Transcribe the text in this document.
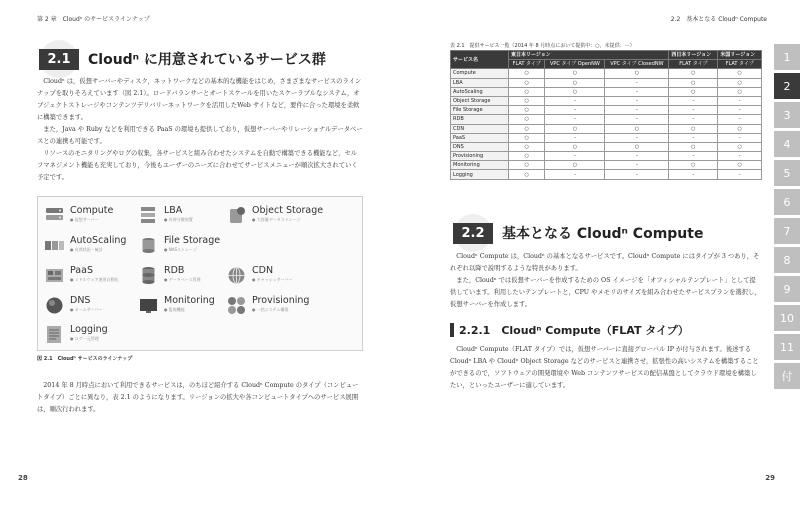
第 2 章　Cloudⁿ のサービスラインナップ
2.1	Cloudⁿ に用意されているサービス群

Cloudⁿ は，仮想サーバーやディスク，ネットワークなどの基本的な機能をはじめ，さまざまなサービスのラインナップを取りそろえています（図 2.1）。ロードバランサーとオートスケールを用いたスケーラブルなシステム，オブジェクトストレージやコンテンツデリバリーネットワークを活用したWeb サイトなど，要件に合った環境を柔軟に構築できます。

また，Java や Ruby などを利用できる PaaS の環境も提供しており，仮想サーバーやリレーショナルデータベースとの連携も可能です。

リソースのモニタリングやログの収集，各サービスと組み合わせたシステムを自動で構築できる機能など，セルフマネジメント機能も充実しており，今後もユーザーのニーズに合わせてサービスメニューが順次拡大されていく予定です。

Compute
● 仮想サーバー
LBA
● 負荷分散装置
Object Storage
● 大容量データストレージ
AutoScaling
● 負荷状況・統計
File Storage
● NASストレージ
PaaS
● ミドルウェア運用自動化
RDB
● データベース管理
CDN
● キャッシュサーバー
DNS
● ネームサーバー
Monitoring
● 監視機能
Provisioning
● 一括システム構築
Logging
● ログ一元管理
図 2.1　Cloudⁿ サービスのラインナップ

2014 年 8 月時点において利用できるサービスは，のちほど紹介する Cloudⁿ Compute のタイプ（コンピュートタイプ）ごとに異なり，表 2.1 のようになります。リージョンの拡大や各コンピュートタイプへのサービス展開は，順次行われます。

28
2.2　基本となる Cloudⁿ Compute
表 2.1　提供サービス一覧（2014 年 8 月時点において提供中：○，未提供：－）
サービス名	東日本リージョン			西日本リージョン	米国リージョン
	FLAT タイプ	VPC タイプ OpenNW	VPC タイプ ClosedNW	FLAT タイプ	FLAT タイプ
Compute	○	○	○	○	○
LBA	○	○	-	○	○
AutoScaling	○	○	-	○	○
Object Storage	○	-	-	-	-
File Storage	○	-	-	-	-
RDB	○	-	-	-	-
CDN	○	○	○	○	○
PaaS	○	-	-	-	-
DNS	○	○	○	○	○
Provisioning	○	-	-	-	-
Monitoring	○	○	-	○	○
Logging	○	-	-	-	-
2.2	基本となる Cloudⁿ Compute

Cloudⁿ Compute は，Cloudⁿ の基本となるサービスです。Cloudⁿ Compute にはタイプが 3 つあり，それぞれ以降で説明するような特長があります。

また，Cloudⁿ では仮想サーバーを作成するための OS イメージを「オフィシャルテンプレート」として提供しています。利用したいテンプレートと，CPU やメモリのサイズを組み合わせたサービスプランを選択し，仮想サーバーを作成します。

2.2.1　Cloudⁿ Compute（FLAT タイプ）

Cloudⁿ Compute（FLAT タイプ）では，仮想サーバーに直接グローバル IP が付与されます。後述する Cloudⁿ LBA や Cloudⁿ Object Storage などのサービスと連携させ，拡張性の高いシステムを構築することができるので，ソフトウェアの開発環境や Web コンテンツサービスの配信基盤としてクラウド環境を構築したい，といったユーザーに適しています。

1
2
3
4
5
6
7
8
9
10
11
付
29
